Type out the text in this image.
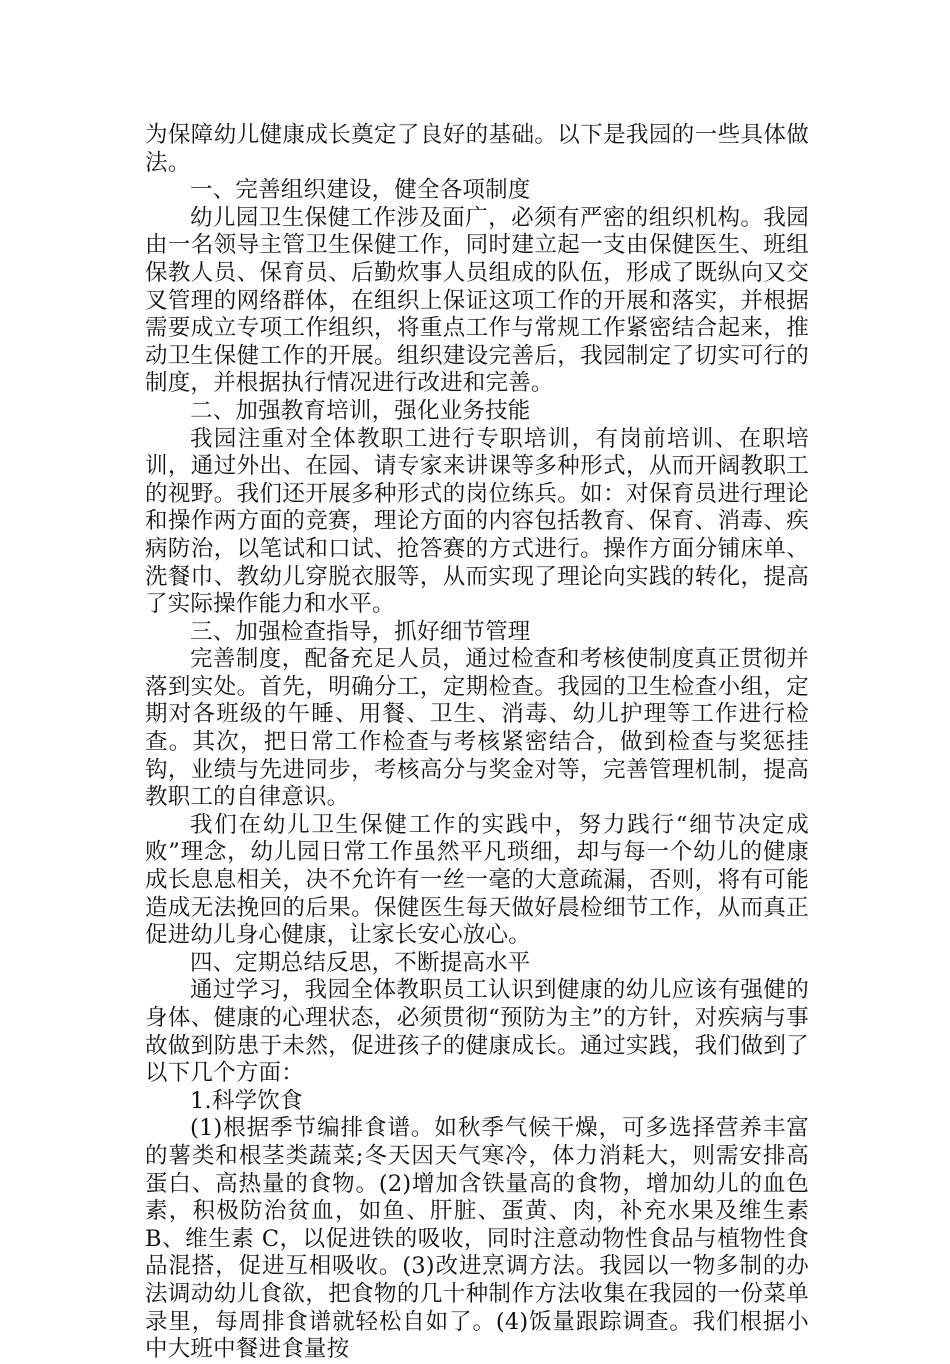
为保障幼儿健康成长奠定了良好的基础。以下是我园的一些具体做法。

一、完善组织建设，健全各项制度

幼儿园卫生保健工作涉及面广，必须有严密的组织机构。我园由一名领导主管卫生保健工作，同时建立起一支由保健医生、班组保教人员、保育员、后勤炊事人员组成的队伍，形成了既纵向又交叉管理的网络群体，在组织上保证这项工作的开展和落实，并根据需要成立专项工作组织，将重点工作与常规工作紧密结合起来，推动卫生保健工作的开展。组织建设完善后，我园制定了切实可行的制度，并根据执行情况进行改进和完善。

二、加强教育培训，强化业务技能

我园注重对全体教职工进行专职培训，有岗前培训、在职培训，通过外出、在园、请专家来讲课等多种形式，从而开阔教职工的视野。我们还开展多种形式的岗位练兵。如：对保育员进行理论和操作两方面的竞赛，理论方面的内容包括教育、保育、消毒、疾病防治，以笔试和口试、抢答赛的方式进行。操作方面分铺床单、洗餐巾、教幼儿穿脱衣服等，从而实现了理论向实践的转化，提高了实际操作能力和水平。

三、加强检查指导，抓好细节管理

完善制度，配备充足人员，通过检查和考核使制度真正贯彻并落到实处。首先，明确分工，定期检查。我园的卫生检查小组，定期对各班级的午睡、用餐、卫生、消毒、幼儿护理等工作进行检查。其次，把日常工作检查与考核紧密结合，做到检查与奖惩挂钩，业绩与先进同步，考核高分与奖金对等，完善管理机制，提高教职工的自律意识。

我们在幼儿卫生保健工作的实践中，努力践行“细节决定成败”理念，幼儿园日常工作虽然平凡琐细，却与每一个幼儿的健康成长息息相关，决不允许有一丝一毫的大意疏漏，否则，将有可能造成无法挽回的后果。保健医生每天做好晨检细节工作，从而真正促进幼儿身心健康，让家长安心放心。

四、定期总结反思，不断提高水平

通过学习，我园全体教职员工认识到健康的幼儿应该有强健的身体、健康的心理状态，必须贯彻“预防为主”的方针，对疾病与事故做到防患于未然，促进孩子的健康成长。通过实践，我们做到了以下几个方面：

1.科学饮食

(1)根据季节编排食谱。如秋季气候干燥，可多选择营养丰富的薯类和根茎类蔬菜;冬天因天气寒冷，体力消耗大，则需安排高蛋白、高热量的食物。(2)增加含铁量高的食物，增加幼儿的血色素，积极防治贫血，如鱼、肝脏、蛋黄、肉，补充水果及维生素 B、维生素 C，以促进铁的吸收，同时注意动物性食品与植物性食品混搭，促进互相吸收。(3)改进烹调方法。我园以一物多制的办法调动幼儿食欲，把食物的几十种制作方法收集在我园的一份菜单录里，每周排食谱就轻松自如了。(4)饭量跟踪调查。我们根据小中大班中餐进食量按
